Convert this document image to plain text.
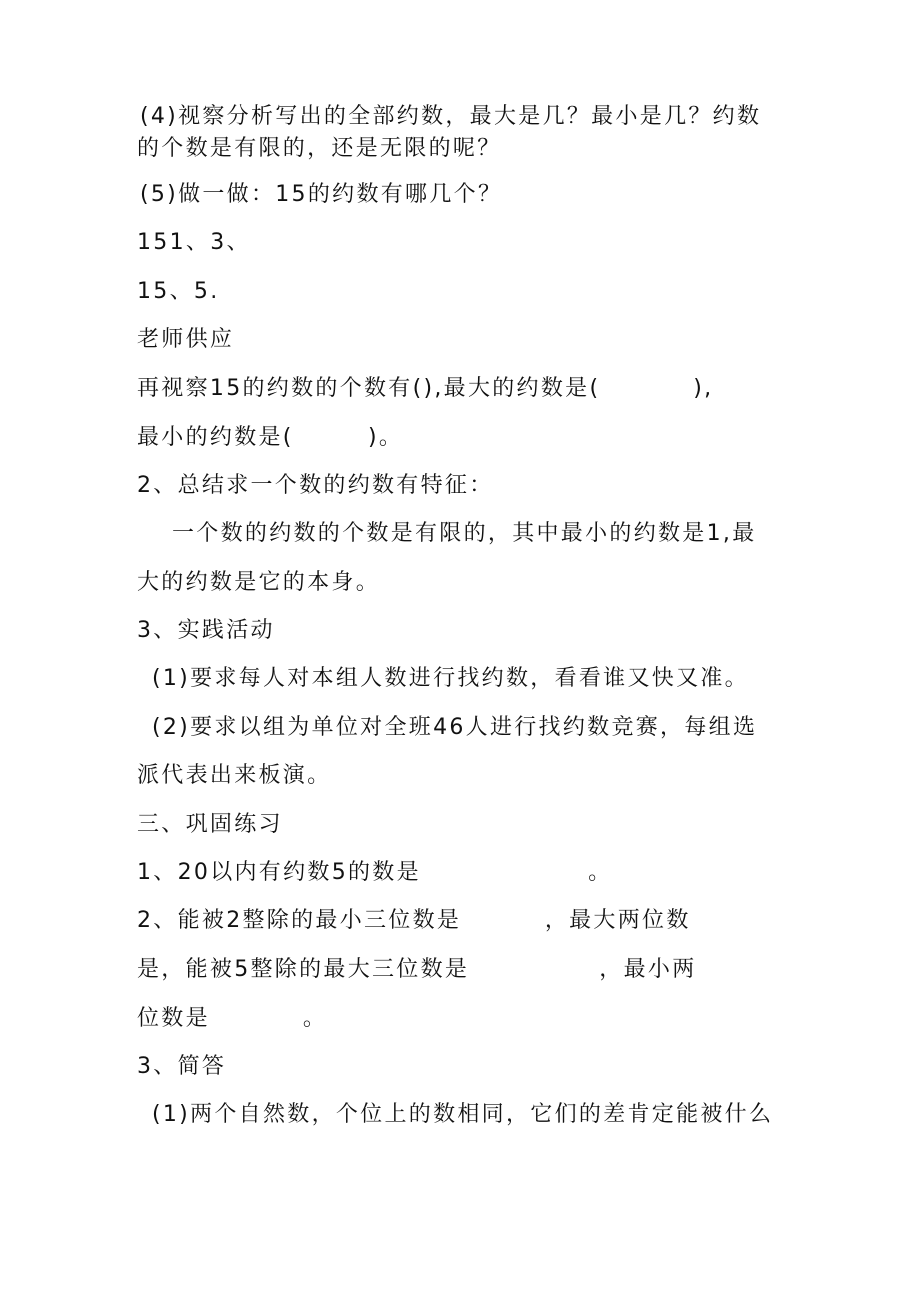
(4)视察分析写出的全部约数，最大是几？最小是几？约数
的个数是有限的，还是无限的呢？
(5)做一做：15的约数有哪几个？
151、3、
15、5.
老师供应
再视察15的约数的个数有(),最大的约数是(          ),
最小的约数是(        )。
2、总结求一个数的约数有特征：
一个数的约数的个数是有限的，其中最小的约数是1,最
大的约数是它的本身。
3、实践活动
(1)要求每人对本组人数进行找约数，看看谁又快又准。
(2)要求以组为单位对全班46人进行找约数竞赛，每组选
派代表出来板演。
三、巩固练习
1、20以内有约数5的数是                  。
2、能被2整除的最小三位数是         ，最大两位数
是，能被5整除的最大三位数是              ，最小两
位数是          。
3、简答
(1)两个自然数，个位上的数相同，它们的差肯定能被什么
